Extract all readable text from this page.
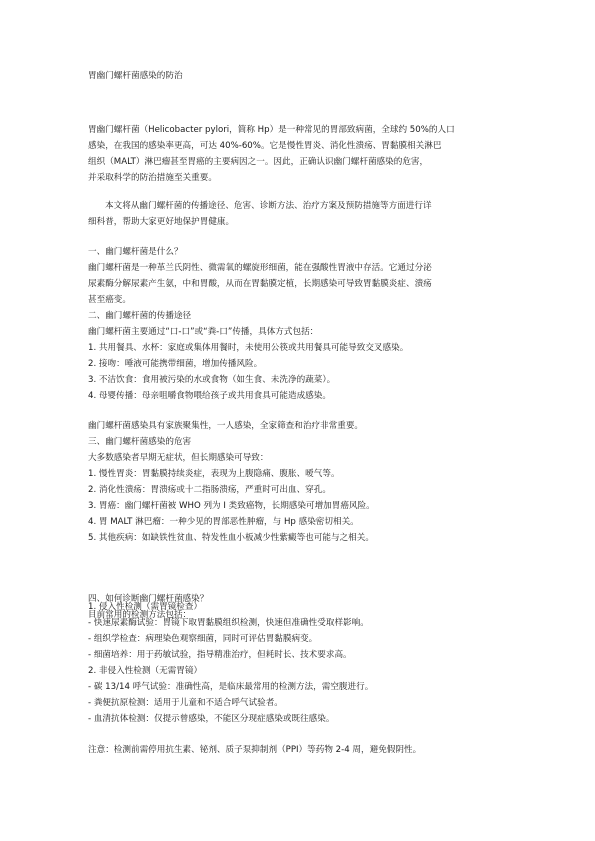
胃幽门螺杆菌感染的防治

胃幽门螺杆菌（Helicobacter pylori，简称 Hp）是一种常见的胃部致病菌，全球约 50%的人口
感染，在我国的感染率更高，可达 40%-60%。它是慢性胃炎、消化性溃疡、胃黏膜相关淋巴
组织（MALT）淋巴瘤甚至胃癌的主要病因之一。因此，正确认识幽门螺杆菌感染的危害，
并采取科学的防治措施至关重要。

本文将从幽门螺杆菌的传播途径、危害、诊断方法、治疗方案及预防措施等方面进行详
细科普，帮助大家更好地保护胃健康。

一、幽门螺杆菌是什么？
幽门螺杆菌是一种革兰氏阴性、微需氧的螺旋形细菌，能在强酸性胃液中存活。它通过分泌
尿素酶分解尿素产生氨，中和胃酸，从而在胃黏膜定植，长期感染可导致胃黏膜炎症、溃疡
甚至癌变。
二、幽门螺杆菌的传播途径
幽门螺杆菌主要通过“口-口”或“粪-口”传播，具体方式包括：
1. 共用餐具、水杯：家庭或集体用餐时，未使用公筷或共用餐具可能导致交叉感染。
2. 接吻：唾液可能携带细菌，增加传播风险。
3. 不洁饮食：食用被污染的水或食物（如生食、未洗净的蔬菜）。
4. 母婴传播：母亲咀嚼食物喂给孩子或共用食具可能造成感染。
幽门螺杆菌感染具有家族聚集性，一人感染，全家筛查和治疗非常重要。
三、幽门螺杆菌感染的危害
大多数感染者早期无症状，但长期感染可导致：
1. 慢性胃炎：胃黏膜持续炎症，表现为上腹隐痛、腹胀、嗳气等。
2. 消化性溃疡：胃溃疡或十二指肠溃疡，严重时可出血、穿孔。
3. 胃癌：幽门螺杆菌被 WHO 列为 I 类致癌物，长期感染可增加胃癌风险。
4. 胃 MALT 淋巴瘤：一种少见的胃部恶性肿瘤，与 Hp 感染密切相关。
5. 其他疾病：如缺铁性贫血、特发性血小板减少性紫癜等也可能与之相关。
四、如何诊断幽门螺杆菌感染？
目前常用的检测方法包括：
1. 侵入性检测（需胃镜检查）
- 快速尿素酶试验：胃镜下取胃黏膜组织检测，快速但准确性受取样影响。
- 组织学检查：病理染色观察细菌，同时可评估胃黏膜病变。
- 细菌培养：用于药敏试验，指导精准治疗，但耗时长、技术要求高。
2. 非侵入性检测（无需胃镜）
- 碳 13/14 呼气试验：准确性高，是临床最常用的检测方法，需空腹进行。
- 粪便抗原检测：适用于儿童和不适合呼气试验者。
- 血清抗体检测：仅提示曾感染，不能区分现症感染或既往感染。

注意：检测前需停用抗生素、铋剂、质子泵抑制剂（PPI）等药物 2-4 周，避免假阴性。
